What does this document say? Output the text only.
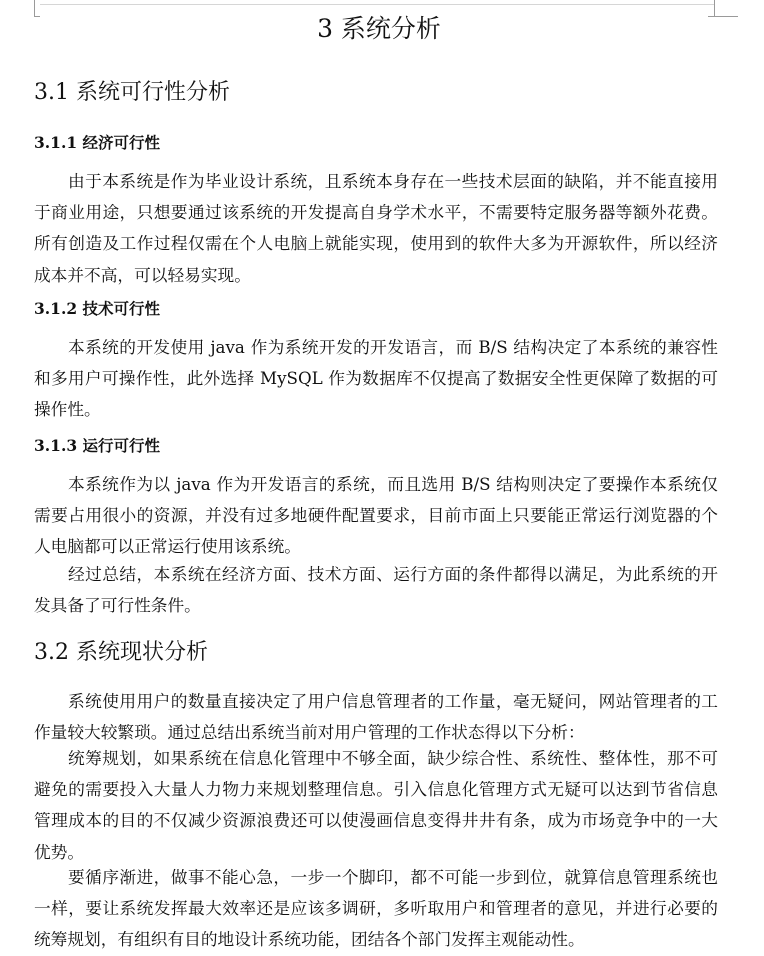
3 系统分析
3.1 系统可行性分析
3.1.1 经济可行性

由于本系统是作为毕业设计系统，且系统本身存在一些技术层面的缺陷，并不能直接用于商业用途，只想要通过该系统的开发提高自身学术水平，不需要特定服务器等额外花费。所有创造及工作过程仅需在个人电脑上就能实现，使用到的软件大多为开源软件，所以经济成本并不高，可以轻易实现。

3.1.2 技术可行性

本系统的开发使用 java 作为系统开发的开发语言，而 B/S 结构决定了本系统的兼容性和多用户可操作性，此外选择 MySQL 作为数据库不仅提高了数据安全性更保障了数据的可操作性。

3.1.3 运行可行性

本系统作为以 java 作为开发语言的系统，而且选用 B/S 结构则决定了要操作本系统仅需要占用很小的资源，并没有过多地硬件配置要求，目前市面上只要能正常运行浏览器的个人电脑都可以正常运行使用该系统。

经过总结，本系统在经济方面、技术方面、运行方面的条件都得以满足，为此系统的开发具备了可行性条件。

3.2 系统现状分析

系统使用用户的数量直接决定了用户信息管理者的工作量，毫无疑问，网站管理者的工作量较大较繁琐。通过总结出系统当前对用户管理的工作状态得以下分析：

统筹规划，如果系统在信息化管理中不够全面，缺少综合性、系统性、整体性，那不可避免的需要投入大量人力物力来规划整理信息。引入信息化管理方式无疑可以达到节省信息管理成本的目的不仅减少资源浪费还可以使漫画信息变得井井有条，成为市场竞争中的一大优势。

要循序渐进，做事不能心急，一步一个脚印，都不可能一步到位，就算信息管理系统也一样，要让系统发挥最大效率还是应该多调研，多听取用户和管理者的意见，并进行必要的统筹规划，有组织有目的地设计系统功能，团结各个部门发挥主观能动性。
